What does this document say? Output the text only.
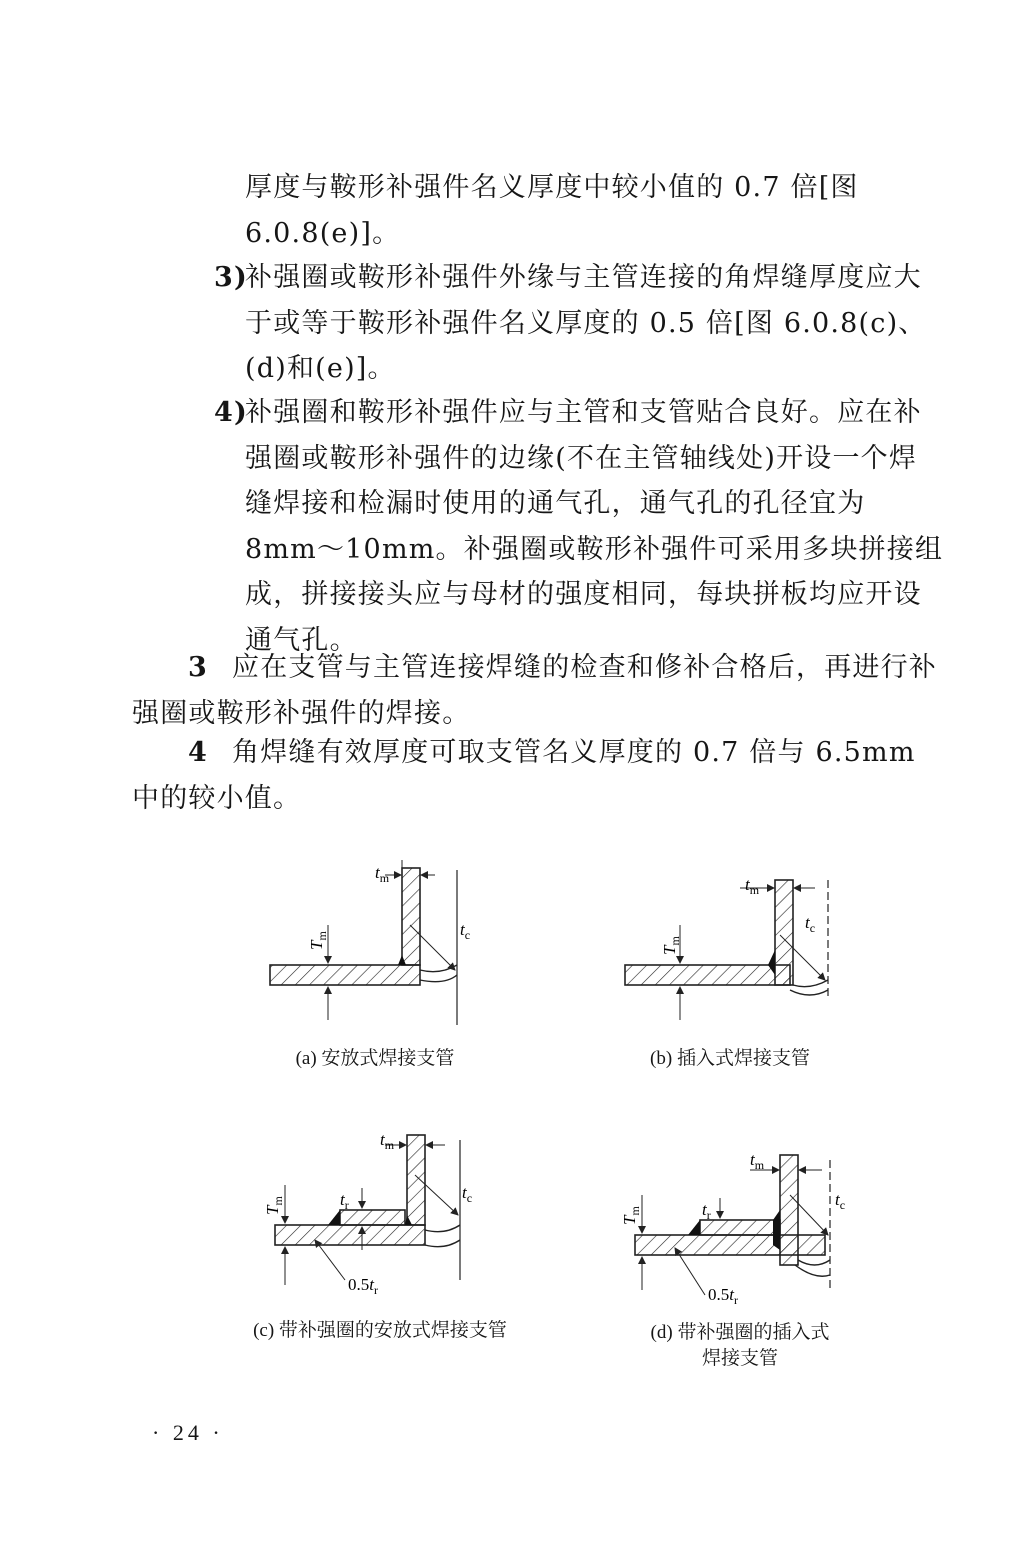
厚度与鞍形补强件名义厚度中较小值的 0.7 倍[图6.0.8(e)]。

3)

补强圈或鞍形补强件外缘与主管连接的角焊缝厚度应大于或等于鞍形补强件名义厚度的 0.5 倍[图 6.0.8(c)、(d)和(e)]。

4)

补强圈和鞍形补强件应与主管和支管贴合良好。应在补强圈或鞍形补强件的边缘(不在主管轴线处)开设一个焊缝焊接和检漏时使用的通气孔，通气孔的孔径宜为 8mm～10mm。补强圈或鞍形补强件可采用多块拼接组成，拼接接头应与母材的强度相同，每块拼板均应开设通气孔。

3 应在支管与主管连接焊缝的检查和修补合格后，再进行补强圈或鞍形补强件的焊接。

4 角焊缝有效厚度可取支管名义厚度的 0.7 倍与 6.5mm 中的较小值。

$t_m$
$T_m$	$t_c$
(a) 安放式焊接支管
$t_m$
$T_m$
$t_c$
(b) 插入式焊接支管
$t_m$
$T_m$	$t_r$
$t_c$
$0.5t_r$
(c) 带补强圈的安放式焊接支管
$t_m$
$T_m$	$t_r$
$t_c$
$0.5t_r$
(d) 带补强圈的插入式
焊接支管
· 24 ·
